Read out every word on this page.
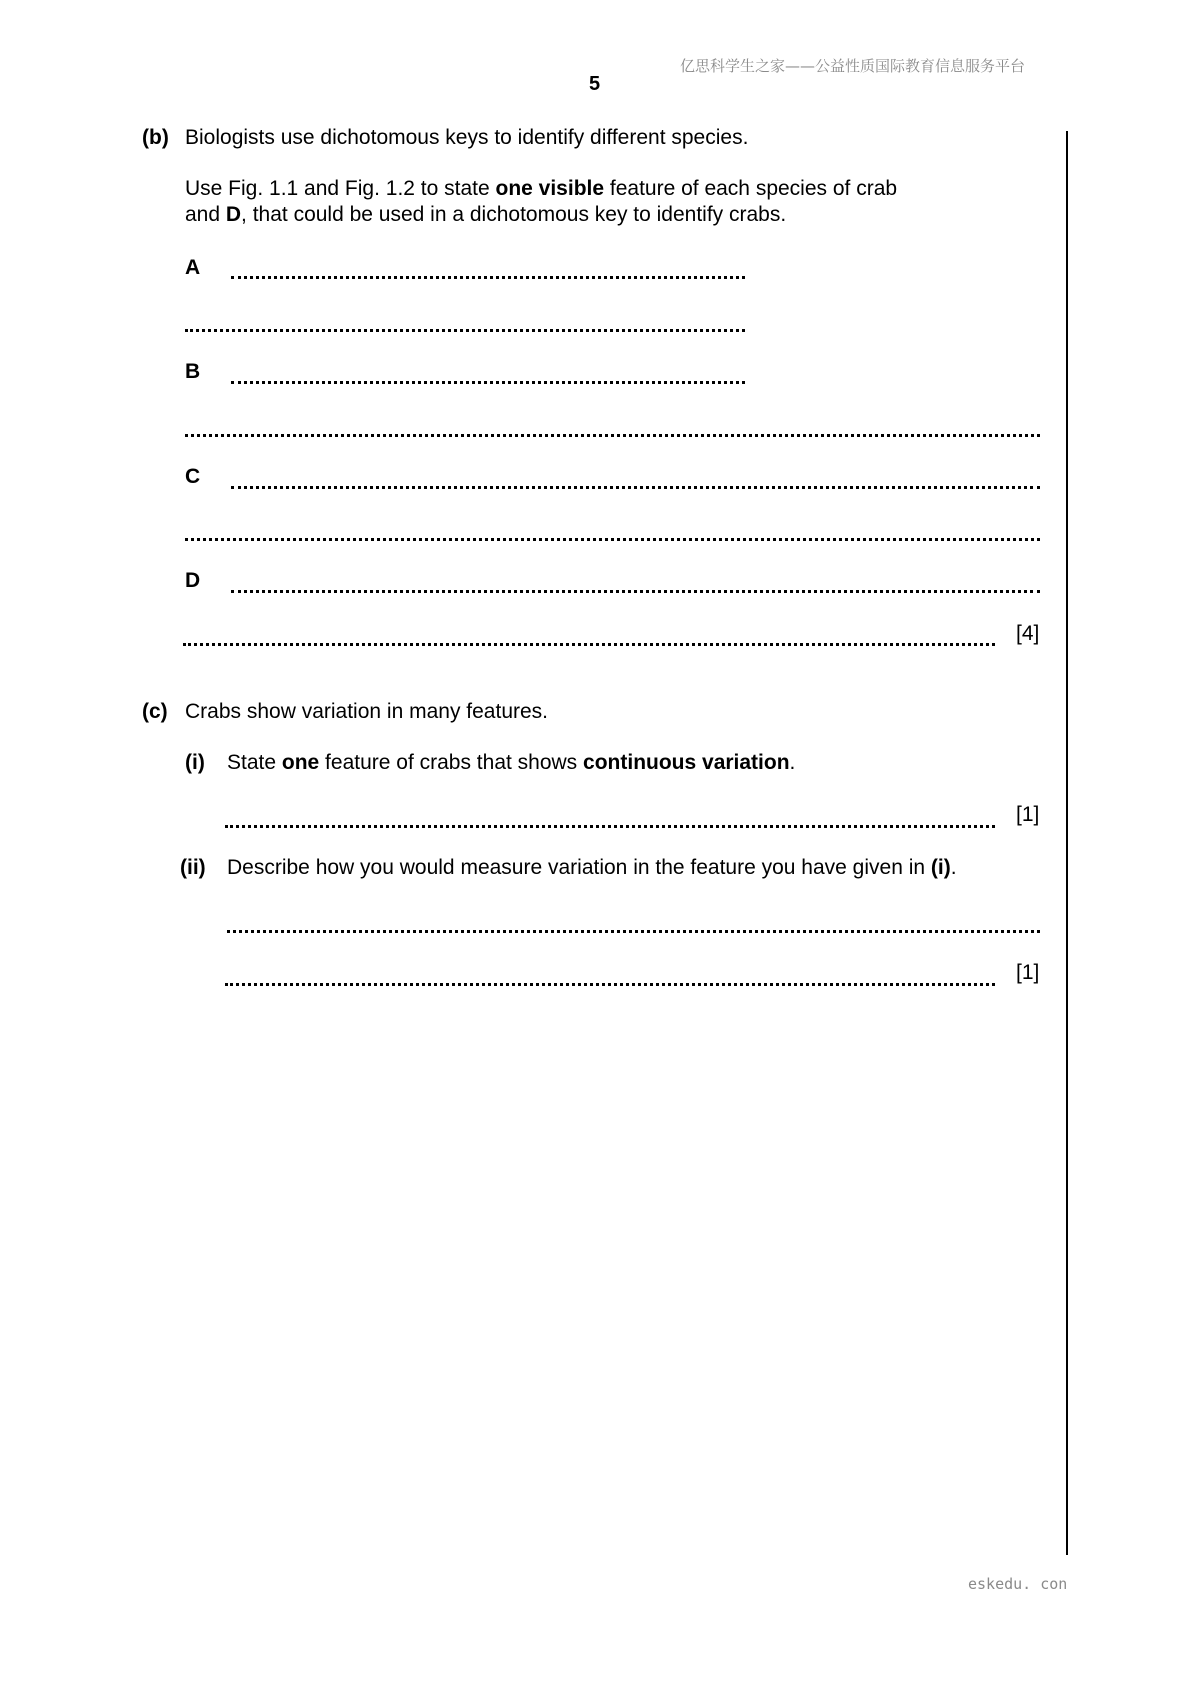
亿思科学生之家——公益性质国际教育信息服务平台
5
(b) Biologists use dichotomous keys to identify different species.
Use Fig. 1.1 and Fig. 1.2 to state one visible feature of each species of crab
and D, that could be used in a dichotomous key to identify crabs.
A
B
C
D
[4]
(c) Crabs show variation in many features.
(i) State one feature of crabs that shows continuous variation.
[1]
(ii) Describe how you would measure variation in the feature you have given in (i).
[1]
eskedu. con
